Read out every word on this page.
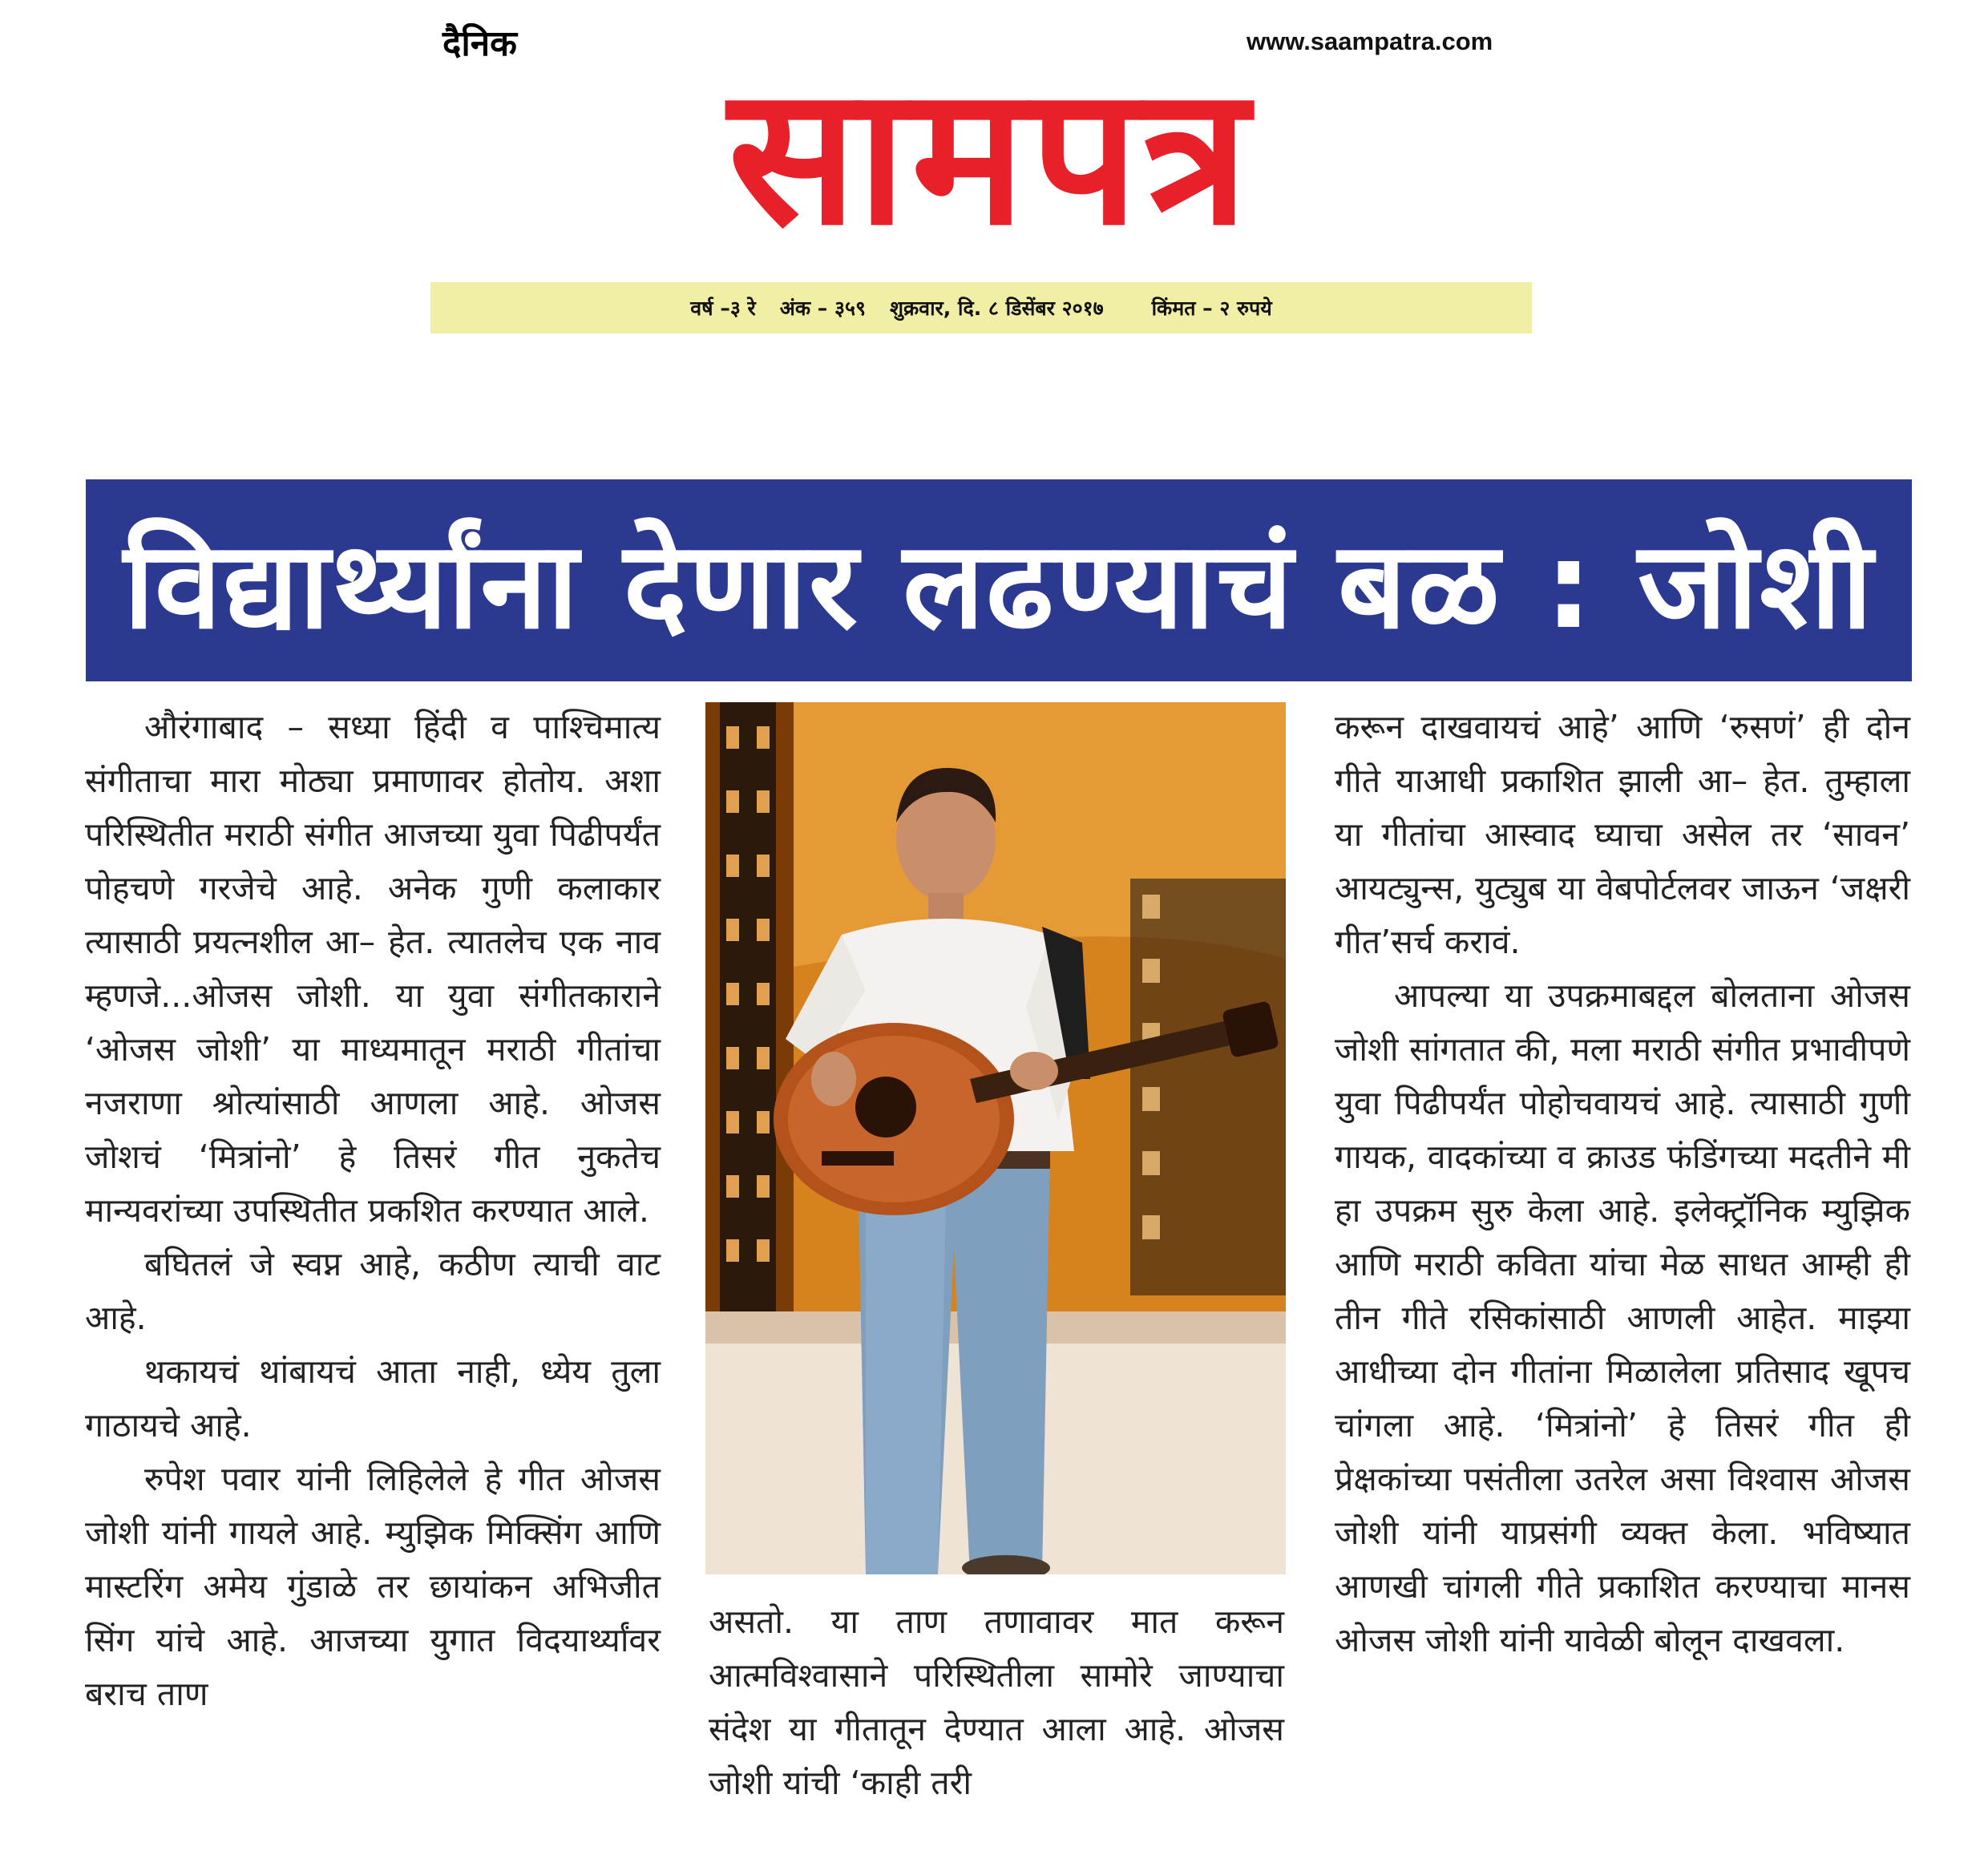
दैनिक	www.saampatra.com
सामपत्र
वर्ष –३ रे अंक – ३५९ शुक्रवार, दि. ८ डिसेंबर २०१७ किंमत – २ रुपये
विद्यार्थ्यांना देणार लढण्याचं बळ : जोशी

औरंगाबाद – सध्या हिंदी व पाश्चिमात्य संगीताचा मारा मोठ्या प्रमाणावर होतोय. अशा परिस्थितीत मराठी संगीत आजच्या युवा पिढीपर्यंत पोहचणे गरजेचे आहे. अनेक गुणी कलाकार त्यासाठी प्रयत्नशील आ– हेत. त्यातलेच एक नाव म्हणजे...ओजस जोशी. या युवा संगीतकाराने ‘ओजस जोशी’ या माध्यमातून मराठी गीतांचा नजराणा श्रोत्यांसाठी आणला आहे. ओजस जोशचं ‘मित्रांनो’ हे तिसरं गीत नुकतेच मान्यवरांच्या उपस्थितीत प्रकशित करण्यात आले.

बघितलं जे स्वप्न आहे, कठीण त्याची वाट आहे.

थकायचं थांबायचं आता नाही, ध्येय तुला गाठायचे आहे.

रुपेश पवार यांनी लिहिलेले हे गीत ओजस जोशी यांनी गायले आहे. म्युझिक मिक्सिंग आणि मास्टरिंग अमेय गुंडाळे तर छायांकन अभिजीत सिंग यांचे आहे. आजच्या युगात विदयार्थ्यांवर बराच ताण

असतो. या ताण तणावावर मात करून आत्मविश्वासाने परिस्थितीला सामोरे जाण्याचा संदेश या गीतातून देण्यात आला आहे. ओजस जोशी यांची ‘काही तरी

करून दाखवायचं आहे’ आणि ‘रुसणं’ ही दोन गीते याआधी प्रकाशित झाली आ– हेत. तुम्हाला या गीतांचा आस्वाद घ्याचा असेल तर ‘सावन’ आयट्युन्स, युट्युब या वेबपोर्टलवर जाऊन ‘जक्षरी गीत’सर्च करावं.

आपल्या या उपक्रमाबद्दल बोलताना ओजस जोशी सांगतात की, मला मराठी संगीत प्रभावीपणे युवा पिढीपर्यंत पोहोचवायचं आहे. त्यासाठी गुणी गायक, वादकांच्या व क्राउड फंडिंगच्या मदतीने मी हा उपक्रम सुरु केला आहे. इलेक्ट्रॉनिक म्युझिक आणि मराठी कविता यांचा मेळ साधत आम्ही ही तीन गीते रसिकांसाठी आणली आहेत. माझ्या आधीच्या दोन गीतांना मिळालेला प्रतिसाद खूपच चांगला आहे. ‘मित्रांनो’ हे तिसरं गीत ही प्रेक्षकांच्या पसंतीला उतरेल असा विश्वास ओजस जोशी यांनी याप्रसंगी व्यक्त केला. भविष्यात आणखी चांगली गीते प्रकाशित करण्याचा मानस ओजस जोशी यांनी यावेळी बोलून दाखवला.
